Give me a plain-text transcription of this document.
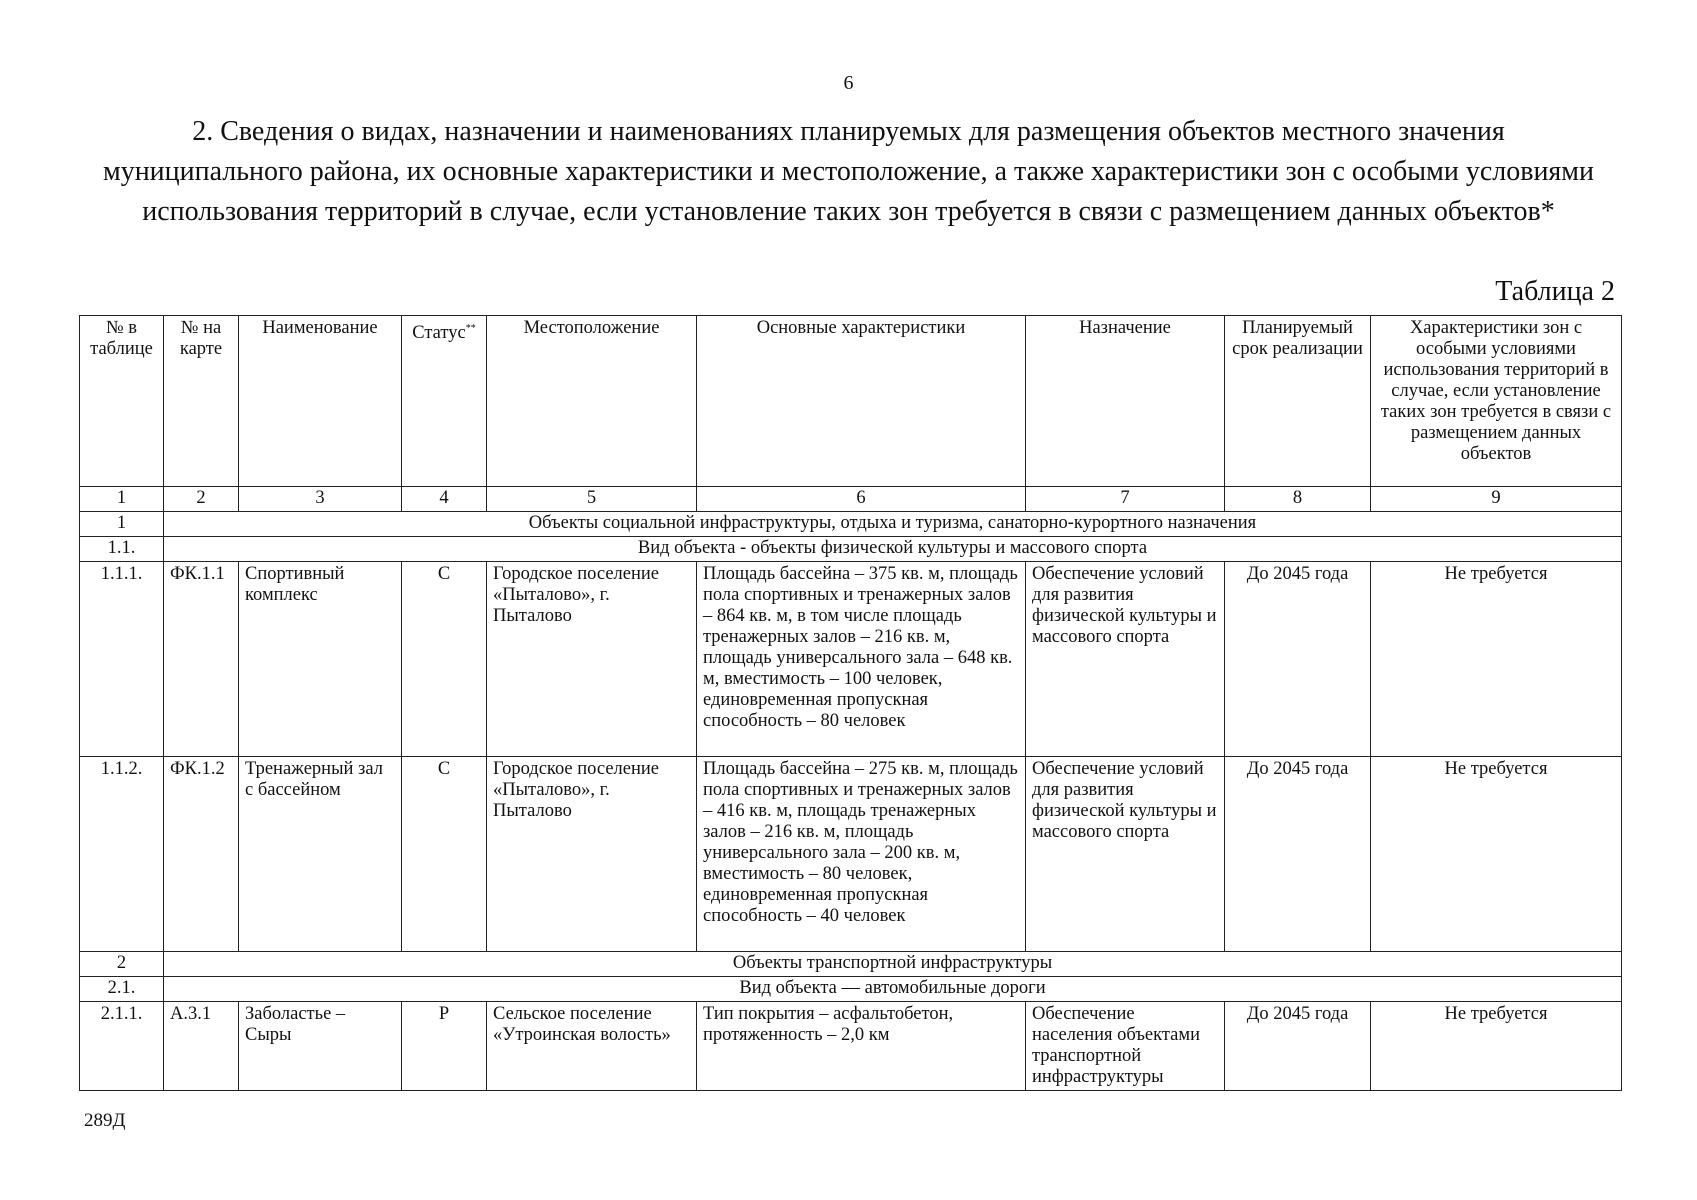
6
2. Сведения о видах, назначении и наименованиях планируемых для размещения объектов местного значения муниципального района, их основные характеристики и местоположение, а также характеристики зон с особыми условиями использования территорий в случае, если установление таких зон требуется в связи с размещением данных объектов*
Таблица 2
№ в таблице	№ на карте	Наименование	Статус**	Местоположение	Основные характеристики	Назначение	Планируемый срок реализации	Характеристики зон с особыми условиями использования территорий в случае, если установление таких зон требуется в связи с размещением данных объектов
1	2	3	4	5	6	7	8	9
1	Объекты социальной инфраструктуры, отдыха и туризма, санаторно-курортного назначения							
1.1.	Вид объекта - объекты физической культуры и массового спорта							
1.1.1.	ФК.1.1	Спортивный комплекс	С	Городское поселение «Пыталово», г. Пыталово	Площадь бассейна – 375 кв. м, площадь пола спортивных и тренажерных залов – 864 кв. м, в том числе площадь тренажерных залов – 216 кв. м, площадь универсального зала – 648 кв. м, вместимость – 100 человек, единовременная пропускная способность – 80 человек	Обеспечение условий для развития физической культуры и массового спорта	До 2045 года	Не требуется
1.1.2.	ФК.1.2	Тренажерный зал с бассейном	С	Городское поселение «Пыталово», г. Пыталово	Площадь бассейна – 275 кв. м, площадь пола спортивных и тренажерных залов – 416 кв. м, площадь тренажерных залов – 216 кв. м, площадь универсального зала – 200 кв. м, вместимость – 80 человек, единовременная пропускная способность – 40 человек	Обеспечение условий для развития физической культуры и массового спорта	До 2045 года	Не требуется
2	Объекты транспортной инфраструктуры							
2.1.	Вид объекта — автомобильные дороги							
2.1.1.	А.3.1	Заболастье – Сыры	Р	Сельское поселение «Утроинская волость»	Тип покрытия – асфальтобетон, протяженность – 2,0 км	Обеспечение населения объектами транспортной инфраструктуры	До 2045 года	Не требуется
289Д
